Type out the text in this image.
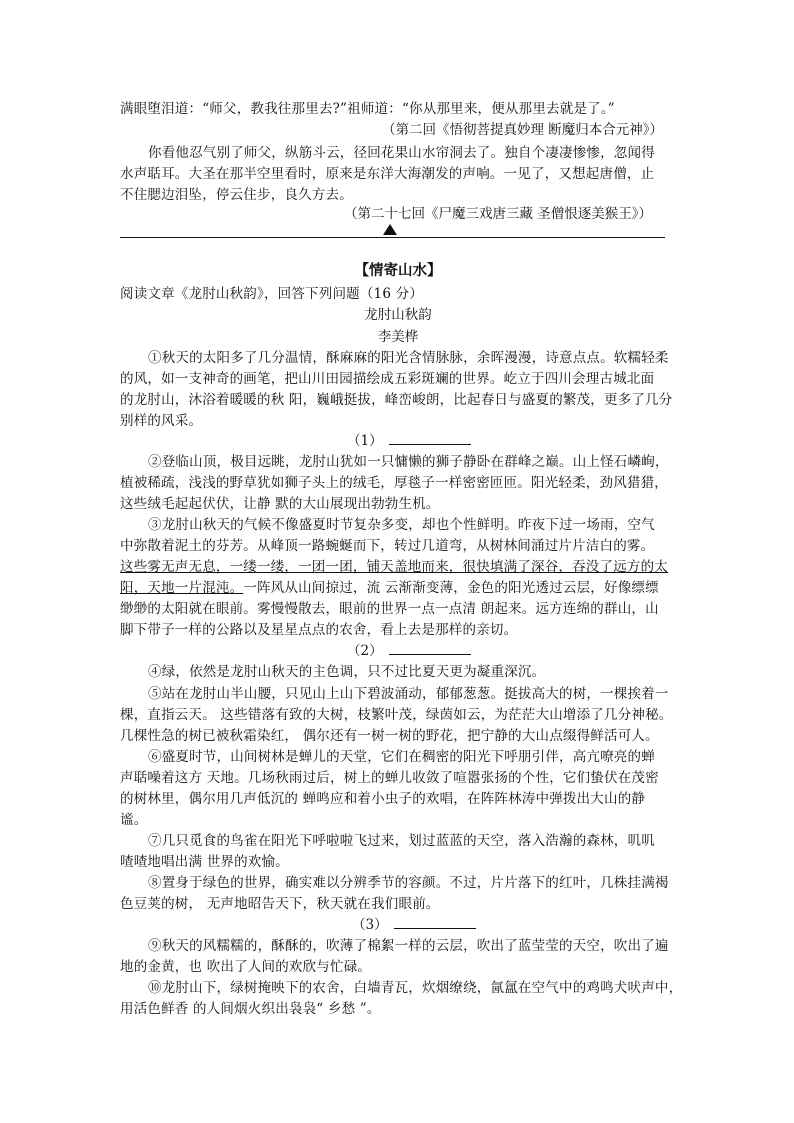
满眼堕泪道：“师父，教我往那里去?”祖师道：“你从那里来，便从那里去就是了。”
（第二回《悟彻菩提真妙理 断魔归本合元神》）
你看他忍气别了师父，纵筋斗云，径回花果山水帘洞去了。独自个凄凄惨惨，忽闻得
水声聒耳。大圣在那半空里看时，原来是东洋大海潮发的声响。一见了，又想起唐僧，止
不住腮边泪坠，停云住步，良久方去。
（第二十七回《尸魔三戏唐三藏 圣僧恨逐美猴王》）
【情寄山水】
阅读文章《龙肘山秋韵》，回答下列问题（16 分）
龙肘山秋韵
李美桦
①秋天的太阳多了几分温情，酥麻麻的阳光含情脉脉，余晖漫漫，诗意点点。软糯轻柔
的风，如一支神奇的画笔，把山川田园描绘成五彩斑斓的世界。屹立于四川会理古城北面
的龙肘山，沐浴着暖暖的秋 阳，巍峨挺拔，峰峦峻朗，比起春日与盛夏的繁茂，更多了几分
别样的风采。
（1）
②登临山顶，极目远眺，龙肘山犹如一只慵懒的狮子静卧在群峰之巅。山上怪石嶙峋，
植被稀疏，浅浅的野草犹如狮子头上的绒毛，厚毯子一样密密匝匝。阳光轻柔，劲风猎猎，
这些绒毛起起伏伏，让静 默的大山展现出勃勃生机。
③龙肘山秋天的气候不像盛夏时节复杂多变，却也个性鲜明。昨夜下过一场雨，空气
中弥散着泥土的芬芳。从峰顶一路蜿蜒而下，转过几道弯，从树林间涌过片片洁白的雾。
这些雾无声无息，一缕一缕，一团一团，铺天盖地而来，很快填满了深谷，吞没了远方的太
阳，天地一片混沌。一阵风从山间掠过，流 云渐渐变薄，金色的阳光透过云层，好像缥缥
缈缈的太阳就在眼前。雾慢慢散去，眼前的世界一点一点清 朗起来。远方连绵的群山，山
脚下带子一样的公路以及星星点点的农舍，看上去是那样的亲切。
（2）
④绿，依然是龙肘山秋天的主色调，只不过比夏天更为凝重深沉。
⑤站在龙肘山半山腰，只见山上山下碧波涌动，郁郁葱葱。挺拔高大的树，一棵挨着一
棵，直指云天。 这些错落有致的大树，枝繁叶茂，绿茵如云，为茫茫大山增添了几分神秘。
几棵性急的树已被秋霜染红， 偶尔还有一树一树的野花，把宁静的大山点缀得鲜活可人。
⑥盛夏时节，山间树林是蝉儿的天堂，它们在稠密的阳光下呼朋引伴，高亢嘹亮的蝉
声聒噪着这方 天地。几场秋雨过后，树上的蝉儿收敛了喧嚣张扬的个性，它们蛰伏在茂密
的树林里，偶尔用几声低沉的 蝉鸣应和着小虫子的欢唱，在阵阵林涛中弹拨出大山的静
谧。
⑦几只觅食的鸟雀在阳光下呼啦啦飞过来，划过蓝蓝的天空，落入浩瀚的森林，叽叽
喳喳地唱出满 世界的欢愉。
⑧置身于绿色的世界，确实难以分辨季节的容颜。不过，片片落下的红叶，几株挂满褐
色豆荚的树， 无声地昭告天下，秋天就在我们眼前。
（3）
⑨秋天的风糯糯的，酥酥的，吹薄了棉絮一样的云层，吹出了蓝莹莹的天空，吹出了遍
地的金黄，也 吹出了人间的欢欣与忙碌。
⑩龙肘山下，绿树掩映下的农舍，白墙青瓦，炊烟缭绕，氤氲在空气中的鸡鸣犬吠声中，
用活色鲜香 的人间烟火织出袅袅“ 乡愁 ”。
